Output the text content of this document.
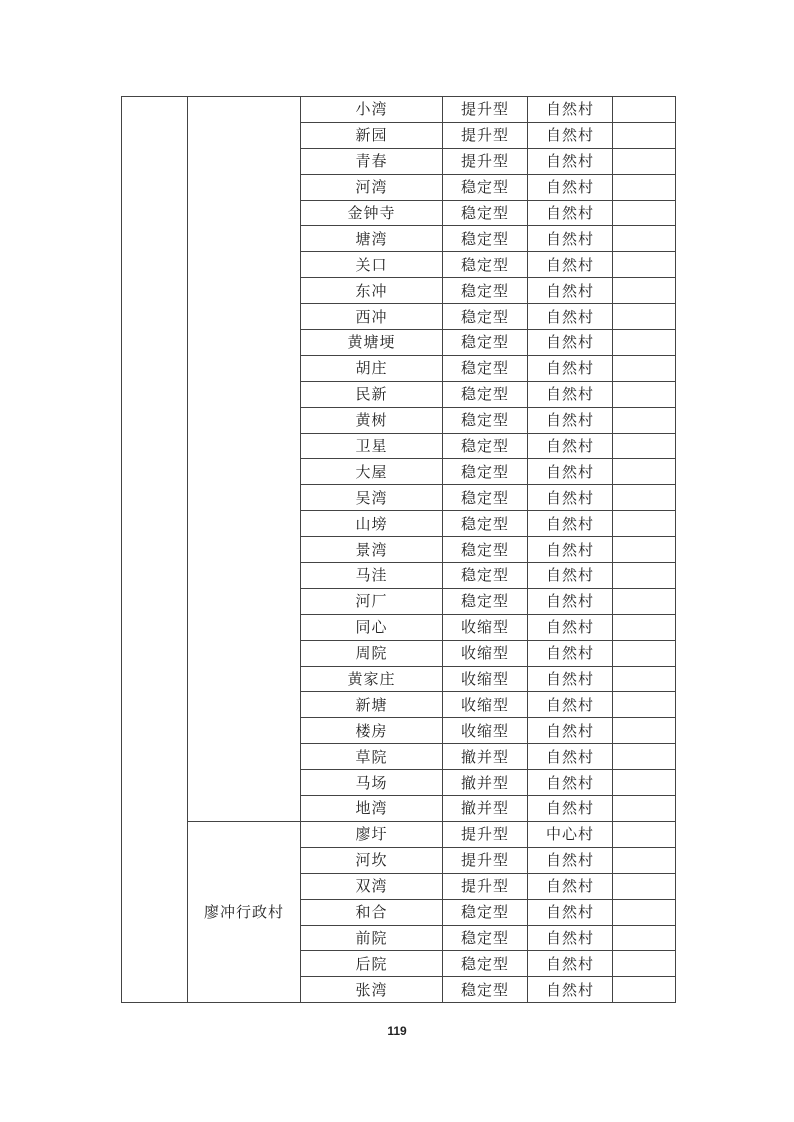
		小湾	提升型	自然村	
		新园	提升型	自然村	
		青春	提升型	自然村	
		河湾	稳定型	自然村	
		金钟寺	稳定型	自然村	
		塘湾	稳定型	自然村	
		关口	稳定型	自然村	
		东冲	稳定型	自然村	
		西冲	稳定型	自然村	
		黄塘埂	稳定型	自然村	
		胡庄	稳定型	自然村	
		民新	稳定型	自然村	
		黄树	稳定型	自然村	
		卫星	稳定型	自然村	
		大屋	稳定型	自然村	
		吴湾	稳定型	自然村	
		山塝	稳定型	自然村	
		景湾	稳定型	自然村	
		马洼	稳定型	自然村	
		河厂	稳定型	自然村	
		同心	收缩型	自然村	
		周院	收缩型	自然村	
		黄家庄	收缩型	自然村	
		新塘	收缩型	自然村	
		楼房	收缩型	自然村	
		草院	撤并型	自然村	
		马场	撤并型	自然村	
		地湾	撤并型	自然村	
	廖冲行政村	廖圩	提升型	中心村	
		河坎	提升型	自然村	
		双湾	提升型	自然村	
		和合	稳定型	自然村	
		前院	稳定型	自然村	
		后院	稳定型	自然村	
		张湾	稳定型	自然村	
119
